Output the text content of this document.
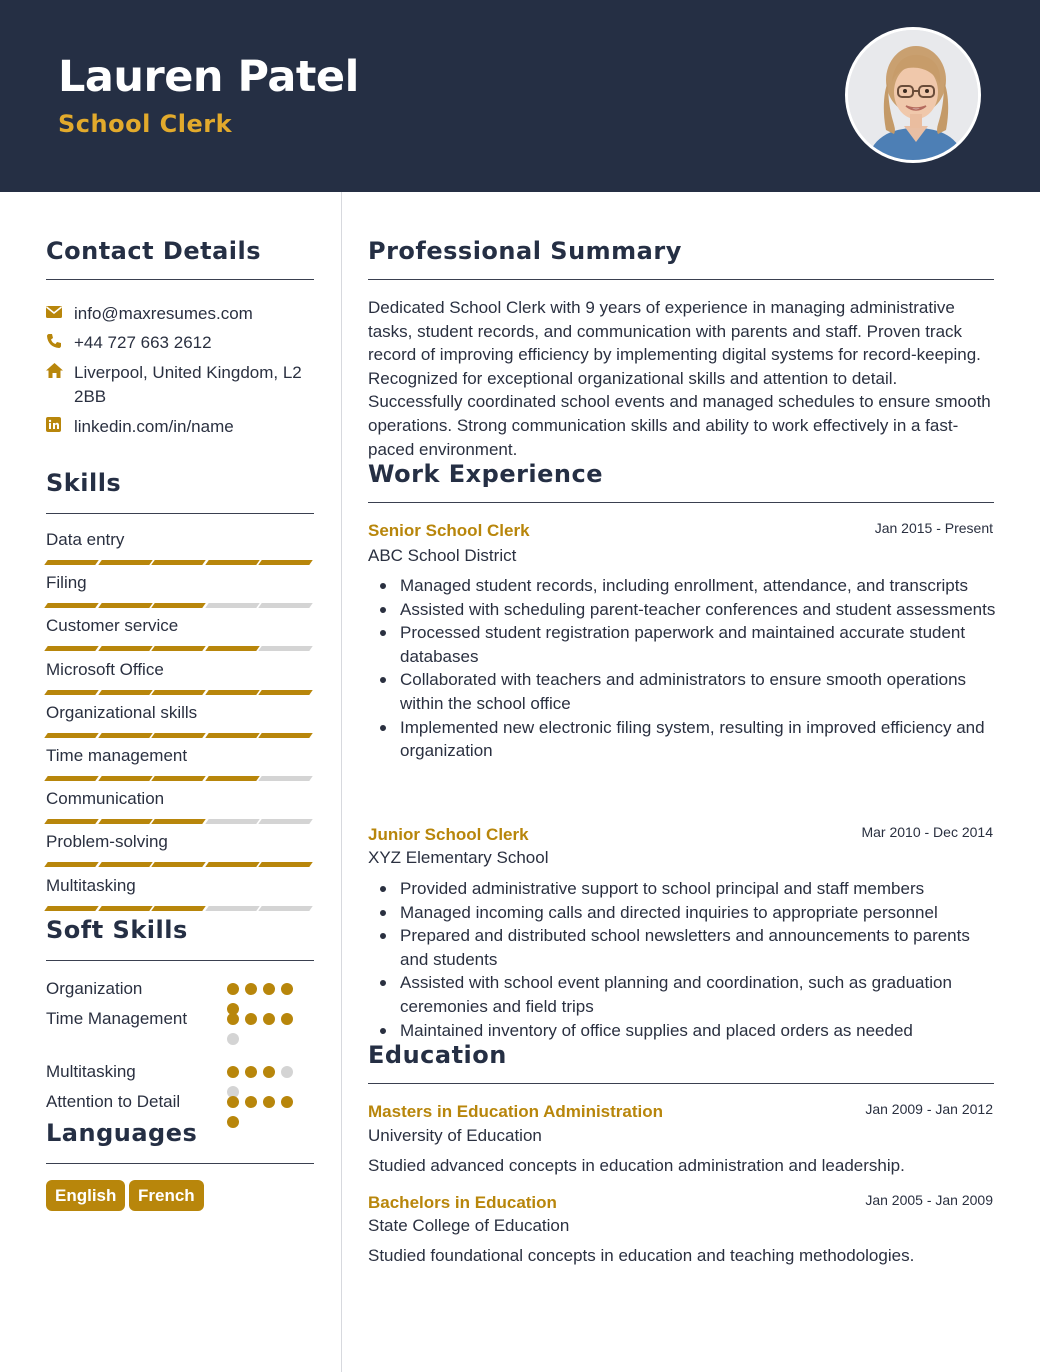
Lauren Patel
School Clerk
Contact Details
info@maxresumes.com
+44 727 663 2612
Liverpool, United Kingdom, L2 2BB
linkedin.com/in/name
Skills
Data entry
Filing
Customer service
Microsoft Office
Organizational skills
Time management
Communication
Problem-solving
Multitasking
Soft Skills
Organization
Time Management
Multitasking
Attention to Detail
Languages
English	French
Professional Summary
Dedicated School Clerk with 9 years of experience in managing administrative tasks, student records, and communication with parents and staff. Proven track record of improving efficiency by implementing digital systems for record-keeping. Recognized for exceptional organizational skills and attention to detail. Successfully coordinated school events and managed schedules to ensure smooth operations. Strong communication skills and ability to work effectively in a fast-paced environment.
Work Experience
Senior School Clerk	Jan 2015 - Present
ABC School District
Managed student records, including enrollment, attendance, and transcripts
Assisted with scheduling parent-teacher conferences and student assessments
Processed student registration paperwork and maintained accurate student databases
Collaborated with teachers and administrators to ensure smooth operations within the school office
Implemented new electronic filing system, resulting in improved efficiency and organization
Junior School Clerk	Mar 2010 - Dec 2014
XYZ Elementary School
Provided administrative support to school principal and staff members
Managed incoming calls and directed inquiries to appropriate personnel
Prepared and distributed school newsletters and announcements to parents and students
Assisted with school event planning and coordination, such as graduation ceremonies and field trips
Maintained inventory of office supplies and placed orders as needed
Education
Masters in Education Administration	Jan 2009 - Jan 2012
University of Education
Studied advanced concepts in education administration and leadership.
Bachelors in Education	Jan 2005 - Jan 2009
State College of Education
Studied foundational concepts in education and teaching methodologies.
